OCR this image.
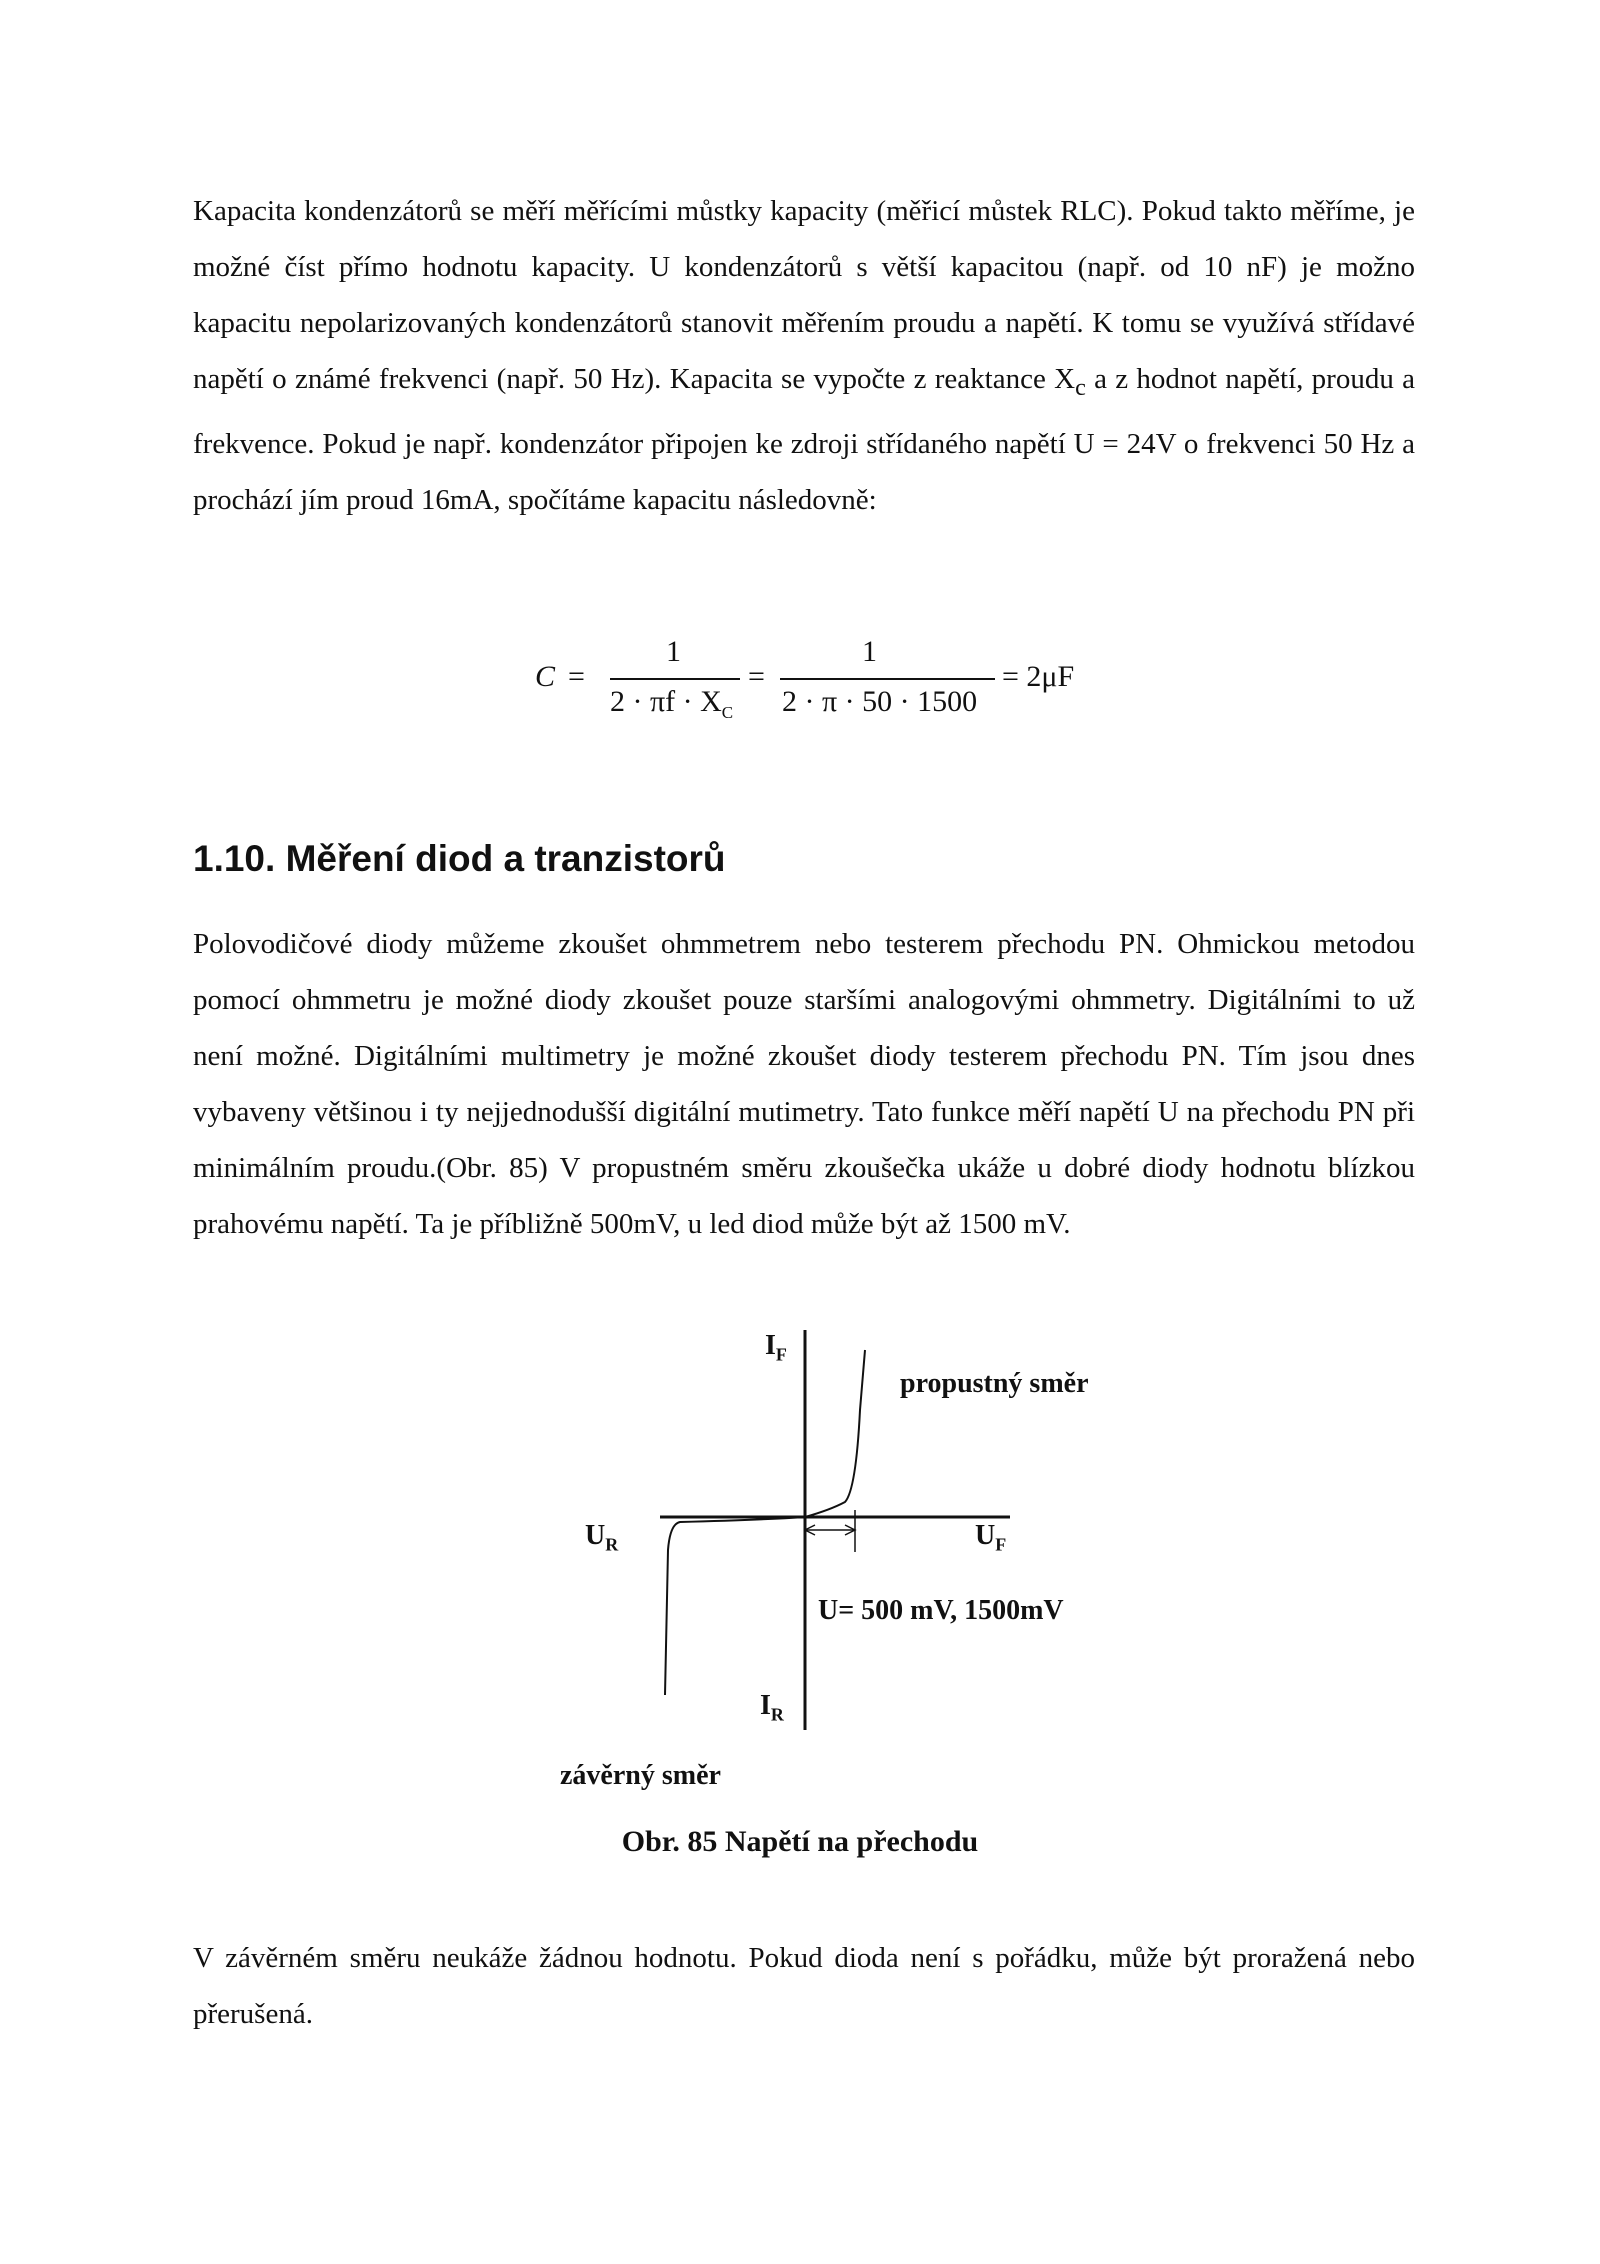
Kapacita kondenzátorů se měří měřícími můstky kapacity (měřicí můstek RLC). Pokud takto měříme, je možné číst přímo hodnotu kapacity. U kondenzátorů s větší kapacitou (např. od 10 nF) je možno kapacitu nepolarizovaných kondenzátorů stanovit měřením proudu a napětí. K tomu se využívá střídavé napětí o známé frekvenci (např. 50 Hz). Kapacita se vypočte z reaktance $X_c$ a z hodnot napětí, proudu a frekvence. Pokud je např. kondenzátor připojen ke zdroji střídaného napětí U = 24V o frekvenci 50 Hz a prochází jím proud 16mA, spočítáme kapacitu následovně:

C =
1
$2 \cdot \pi f \cdot X_C$
=
1
2 · π · 50 · 1500
= 2μF
1.10. Měření diod a tranzistorů

Polovodičové diody můžeme zkoušet ohmmetrem nebo testerem přechodu PN. Ohmickou metodou pomocí ohmmetru je možné diody zkoušet pouze staršími analogovými ohmmetry. Digitálními to už není možné. Digitálními multimetry je možné zkoušet diody testerem přechodu PN. Tím jsou dnes vybaveny většinou i ty nejjednodušší digitální mutimetry. Tato funkce měří napětí U na přechodu PN při minimálním proudu.(Obr. 85) V propustném směru zkoušečka ukáže u dobré diody hodnotu blízkou prahovému napětí. Ta je příbližně 500mV, u led diod může být až 1500 mV.

$I_F$
$I_R$
$U_R$	$U_F$
propustný směr
U= 500 mV, 1500mV
závěrný směr

Obr. 85 Napětí na přechodu

V závěrném směru neukáže žádnou hodnotu. Pokud dioda není s pořádku, může být proražená nebo přerušená.
